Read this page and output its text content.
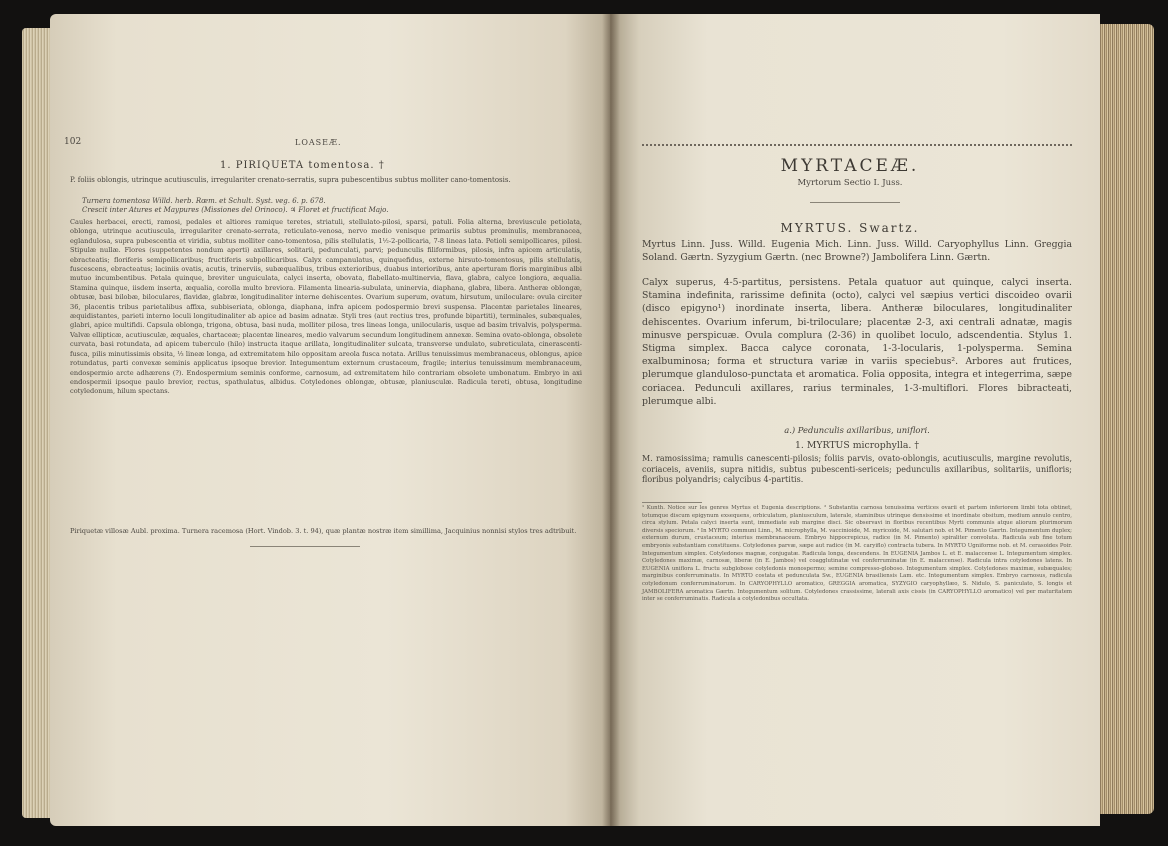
102	LOASEÆ.
1. PIRIQUETA tomentosa. †
P. foliis oblongis, utrinque acutiusculis, irregulariter crenato-serratis, supra pubescentibus subtus molliter cano-tomentosis.
Turnera tomentosa Willd. herb. Rœm. et Schult. Syst. veg. 6. p. 678.
Crescit inter Atures et Maypures (Missiones del Orinoco). ♃ Floret et fructificat Majo.
Caules herbacei, erecti, ramosi, pedales et altiores ramique teretes, striatuli, stellulato-pilosi, sparsi, patuli. Folia alterna, breviuscule petiolata, oblonga, utrinque acutiuscula, irregulariter crenato-serrata, reticulato-venosa, nervo medio venisque primariis subtus prominulis, membranacea, eglandulosa, supra pubescentia et viridia, subtus molliter cano-tomentosa, pilis stellulatis, 1½-2-pollicaria, 7-8 lineas lata. Petioli semipollicares, pilosi. Stipulæ nullæ. Flores (suppetentes nondum aperti) axillares, solitarii, pedunculati, parvi; pedunculis filiformibus, pilosis, infra apicem articulatis, ebracteatis; floriferis semipollicaribus; fructiferis subpollicaribus. Calyx campanulatus, quinquefidus, externe hirsuto-tomentosus, pilis stellulatis, fuscescens, ebracteatus; laciniis ovatis, acutis, trinerviis, subæqualibus, tribus exterioribus, duabus interioribus, ante aperturam floris marginibus albi mutuo incumbentibus. Petala quinque, breviter unguiculata, calyci inserta, obovata, flabellato-multinervia, flava, glabra, calyce longiora, æqualia. Stamina quinque, iisdem inserta, æqualia, corolla multo breviora. Filamenta linearia-subulata, uninervia, diaphana, glabra, libera. Antheræ oblongæ, obtusæ, basi bilobæ, biloculares, flavidæ, glabræ, longitudinaliter interne dehiscentes. Ovarium superum, ovatum, hirsutum, uniloculare: ovula circiter 36, placentis tribus parietalibus affixa, subbiseriata, oblonga, diaphana, infra apicem podospermio brevi suspensa. Placentæ parietales lineares, æquidistantes, parieti interno loculi longitudinaliter ab apice ad basim adnatæ. Styli tres (aut rectius tres, profunde bipartiti), terminales, subæquales, glabri, apice multifidi. Capsula oblonga, trigona, obtusa, basi nuda, molliter pilosa, tres lineas longa, unilocularis, usque ad basim trivalvis, polysperma. Valvæ ellipticæ, acutiusculæ, æquales, chartaceæ; placentæ lineares, medio valvarum secundum longitudinem annexæ. Semina ovato-oblonga, obsolete curvata, basi rotundata, ad apicem tuberculo (hilo) instructa itaque arillata, longitudinaliter sulcata, transverse undulato, subreticulata, cinerascenti-fusca, pilis minutissimis obsita, ⅓ lineæ longa, ad extremitatem hilo oppositam areola fusca notata. Arillus tenuissimus membranaceus, oblongus, apice rotundatus, parti convexæ seminis applicatus ipsoque brevior. Integumentum externum crustaceum, fragile; interius tenuissimum membranaceum, endospermio arcte adhærens (?). Endospermium seminis conforme, carnosum, ad extremitatem hilo contrariam obsolete umbonatum. Embryo in axi endospermii ipsoque paulo brevior, rectus, spathulatus, albidus. Cotyledones oblongæ, obtusæ, planiusculæ. Radicula tereti, obtusa, longitudine cotyledonum, hilum spectans.
Piriquetæ villosæ Aubl. proxima. Turnera racemosa (Hort. Vindob. 3. t. 94), quæ plantæ nostræ item simillima, Jacquinius nonnisi stylos tres adtribuit.
MYRTACEÆ.
Myrtorum Sectio I. Juss.
MYRTUS. Swartz.
Myrtus Linn. Juss. Willd. Eugenia Mich. Linn. Juss. Willd. Caryophyllus Linn. Greggia Soland. Gærtn. Syzygium Gærtn. (nec Browne?) Jambolifera Linn. Gærtn.
Calyx superus, 4-5-partitus, persistens. Petala quatuor aut quinque, calyci inserta. Stamina indefinita, rarissime definita (octo), calyci vel sæpius vertici discoideo ovarii (disco epigyno¹) inordinate inserta, libera. Antheræ biloculares, longitudinaliter dehiscentes. Ovarium inferum, bi-triloculare; placentæ 2-3, axi centrali adnatæ, magis minusve perspicuæ. Ovula complura (2-36) in quolibet loculo, adscendentia. Stylus 1. Stigma simplex. Bacca calyce coronata, 1-3-locularis, 1-polysperma. Semina exalbuminosa; forma et structura variæ in variis speciebus². Arbores aut frutices, plerumque glanduloso-punctata et aromatica. Folia opposita, integra et integerrima, sæpe coriacea. Pedunculi axillares, rarius terminales, 1-3-multiflori. Flores bibracteati, plerumque albi.
a.) Pedunculis axillaribus, uniflori.
1. MYRTUS microphylla. †
M. ramosissima; ramulis canescenti-pilosis; foliis parvis, ovato-oblongis, acutiusculis, margine revolutis, coriaceis, aveniis, supra nitidis, subtus pubescenti-sericeis; pedunculis axillaribus, solitariis, unifloris; floribus polyandris; calycibus 4-partitis.
¹ Kunth. Notice sur les genres Myrtus et Eugenia descriptions. ² Substantia carnosa tenuissima vertices ovarii et partem inferiorem limbi tota obtinet, totumque discum epigynum exsequens, orbiculatum, planiusculum, laterale, staminibus utrinque densissime et inordinate obsitum, medium annulo centro, circa stylum. Petala calyci inserta sunt, immediate sub margine disci. Sic observavi in floribus recentibus Myrti communis atque aliorum plurimorum diversis speciorum. ³ In MYRTO communi Linn., M. microphylla, M. vaccinioide, M. myricoide, M. salutari nob. et M. Pimento Gærtn. Integumentum duplex; externum durum, crustaceum; interius membranaceum. Embryo hippocrepicus, radice (in M. Pimento) spiraliter convoluta. Radicula sub fine totum embryonis substantiam constituens. Cotyledones parvæ, sæpe aut radice (in M. caryiflo) contracta tubera. In MYRTO Ugniforme nob. et M. cerasoides Poir. Integumentum simplex. Cotyledones magnæ, conjugatæ. Radicula longa, descendens. In EUGENIA Jambos L. et E. malaccense L. Integumentum simplex. Cotyledones maximæ, carnosæ, liberæ (in E. Jambos) vel coagglutinatæ vel conferruminatæ (in E. malaccense). Radicula intra cotyledones latens. In EUGENIA uniflora L. fructu subglobose cotyledonis monospermo; semine compresso-globoso. Integumentum simplex. Cotyledones maximæ, subæquales; marginibus conferruminatis. In MYRTO costata et pedunculata Sw., EUGENIA brasiliensis Lam. etc. Integumentum simplex. Embryo carnosus, radicula cotyledonum conferruminatorum. In CARYOPHYLLO aromatico, GREGGIA aromatica, SYZYGIO caryophyllæo, S. Nidulo, S. paniculato, S. longis et JAMBOLIFERA aromatica Gærtn. Integumentum solitum. Cotyledones crassissime, laterali axis cissis (in CARYOPHYLLO aromatico) vel per maturitatem inter se conferruminatis. Radicula a cotyledonibus occultata.
